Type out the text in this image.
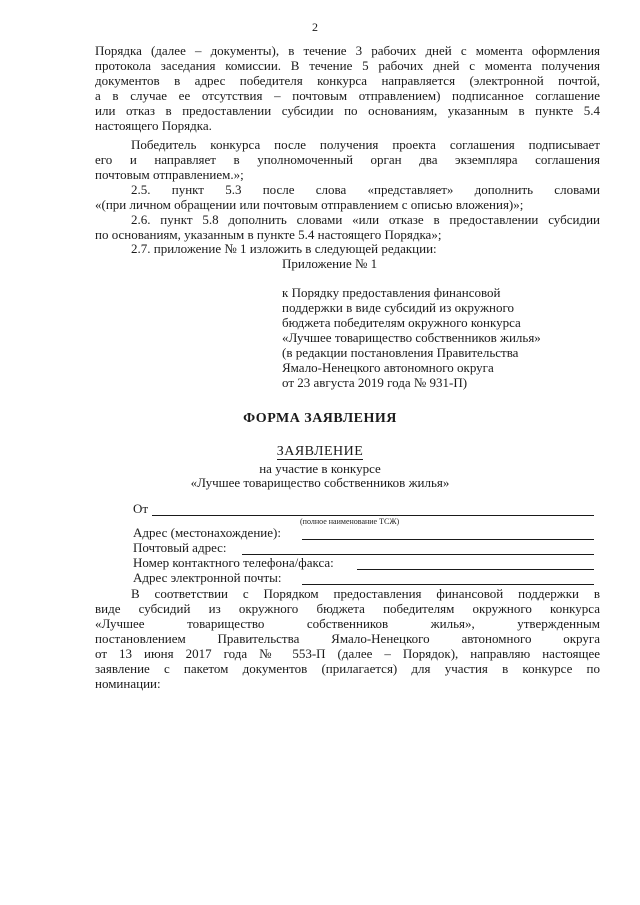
2
Порядка (далее – документы), в течение 3 рабочих дней с момента оформления
протокола заседания комиссии. В течение 5 рабочих дней с момента получения
документов в адрес победителя конкурса направляется (электронной почтой,
а в случае ее отсутствия – почтовым отправлением) подписанное соглашение
или отказ в предоставлении субсидии по основаниям, указанным в пункте 5.4
настоящего Порядка.
Победитель конкурса после получения проекта соглашения подписывает
его и направляет в уполномоченный орган два экземпляра соглашения
почтовым отправлением.»;
2.5. пункт 5.3 после слова «представляет» дополнить словами
«(при личном обращении или почтовым отправлением с описью вложения)»;
2.6. пункт 5.8 дополнить словами «или отказе в предоставлении субсидии
по основаниям, указанным в пункте 5.4 настоящего Порядка»;
2.7. приложение № 1 изложить в следующей редакции:
Приложение № 1
к Порядку предоставления финансовой
поддержки в виде субсидий из окружного
бюджета победителям окружного конкурса
«Лучшее товарищество собственников жилья»
(в редакции постановления Правительства
Ямало-Ненецкого автономного округа
от 23 августа 2019 года № 931-П)
ФОРМА ЗАЯВЛЕНИЯ
ЗАЯВЛЕНИЕ
на участие в конкурсе
«Лучшее товарищество собственников жилья»
От
(полное наименование ТСЖ)
Адрес (местонахождение):
Почтовый адрес:
Номер контактного телефона/факса:
Адрес электронной почты:
В соответствии с Порядком предоставления финансовой поддержки в
виде субсидий из окружного бюджета победителям окружного конкурса
«Лучшее товарищество собственников жилья», утвержденным
постановлением Правительства Ямало-Ненецкого автономного округа
от 13 июня 2017 года № 553-П (далее – Порядок), направляю настоящее
заявление с пакетом документов (прилагается) для участия в конкурсе по
номинации:
